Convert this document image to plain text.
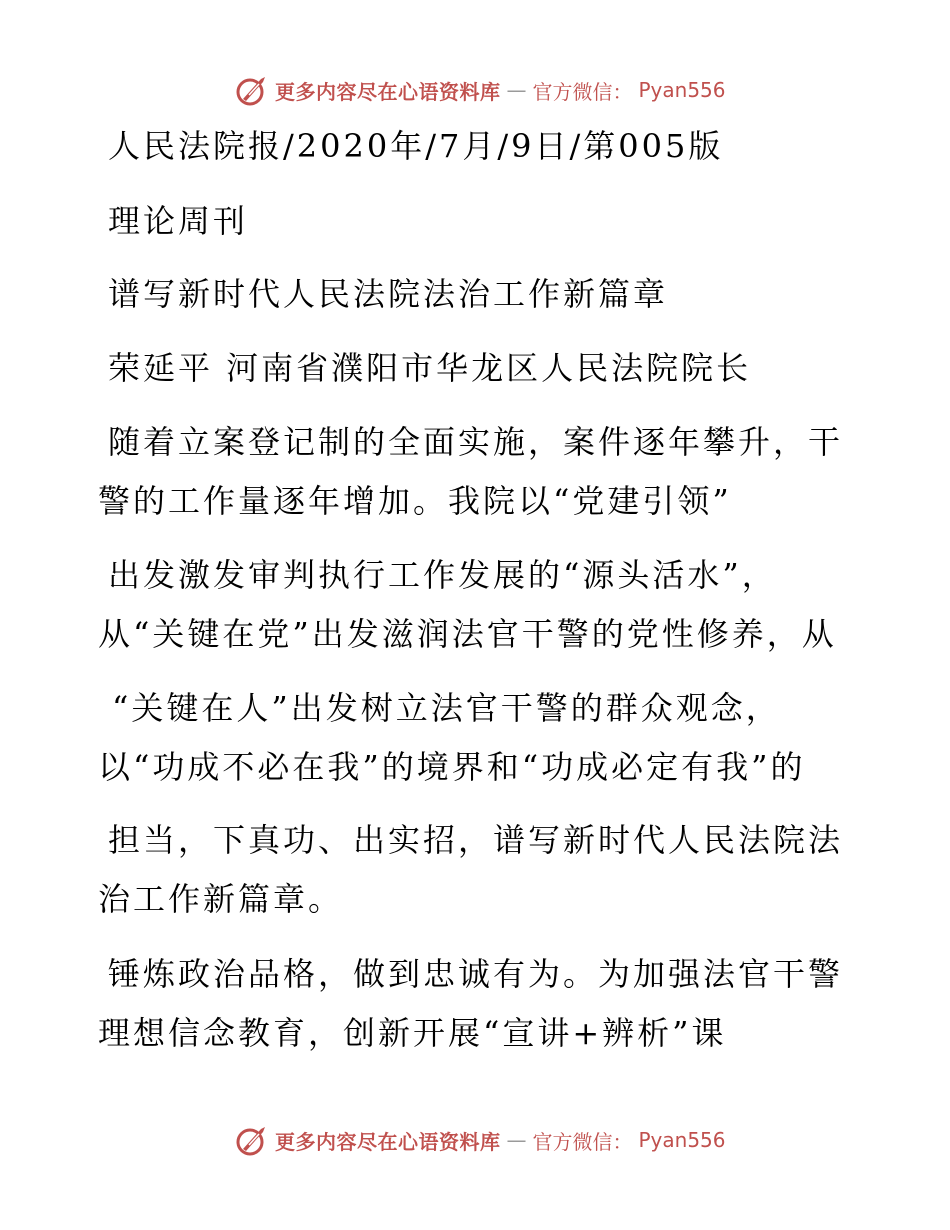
更多内容尽在心语资料库 — 官方微信： Pyan556
人民法院报/2020年/7月/9日/第005版
理论周刊
谱写新时代人民法院法治工作新篇章
荣延平 河南省濮阳市华龙区人民法院院长
随着立案登记制的全面实施，案件逐年攀升，干
警的工作量逐年增加。我院以“党建引领”
出发激发审判执行工作发展的“源头活水”，
从“关键在党”出发滋润法官干警的党性修养，从
“关键在人”出发树立法官干警的群众观念，
以“功成不必在我”的境界和“功成必定有我”的
担当，下真功、出实招，谱写新时代人民法院法
治工作新篇章。
锤炼政治品格，做到忠诚有为。为加强法官干警
理想信念教育，创新开展“宣讲+辨析”课
更多内容尽在心语资料库 — 官方微信： Pyan556
